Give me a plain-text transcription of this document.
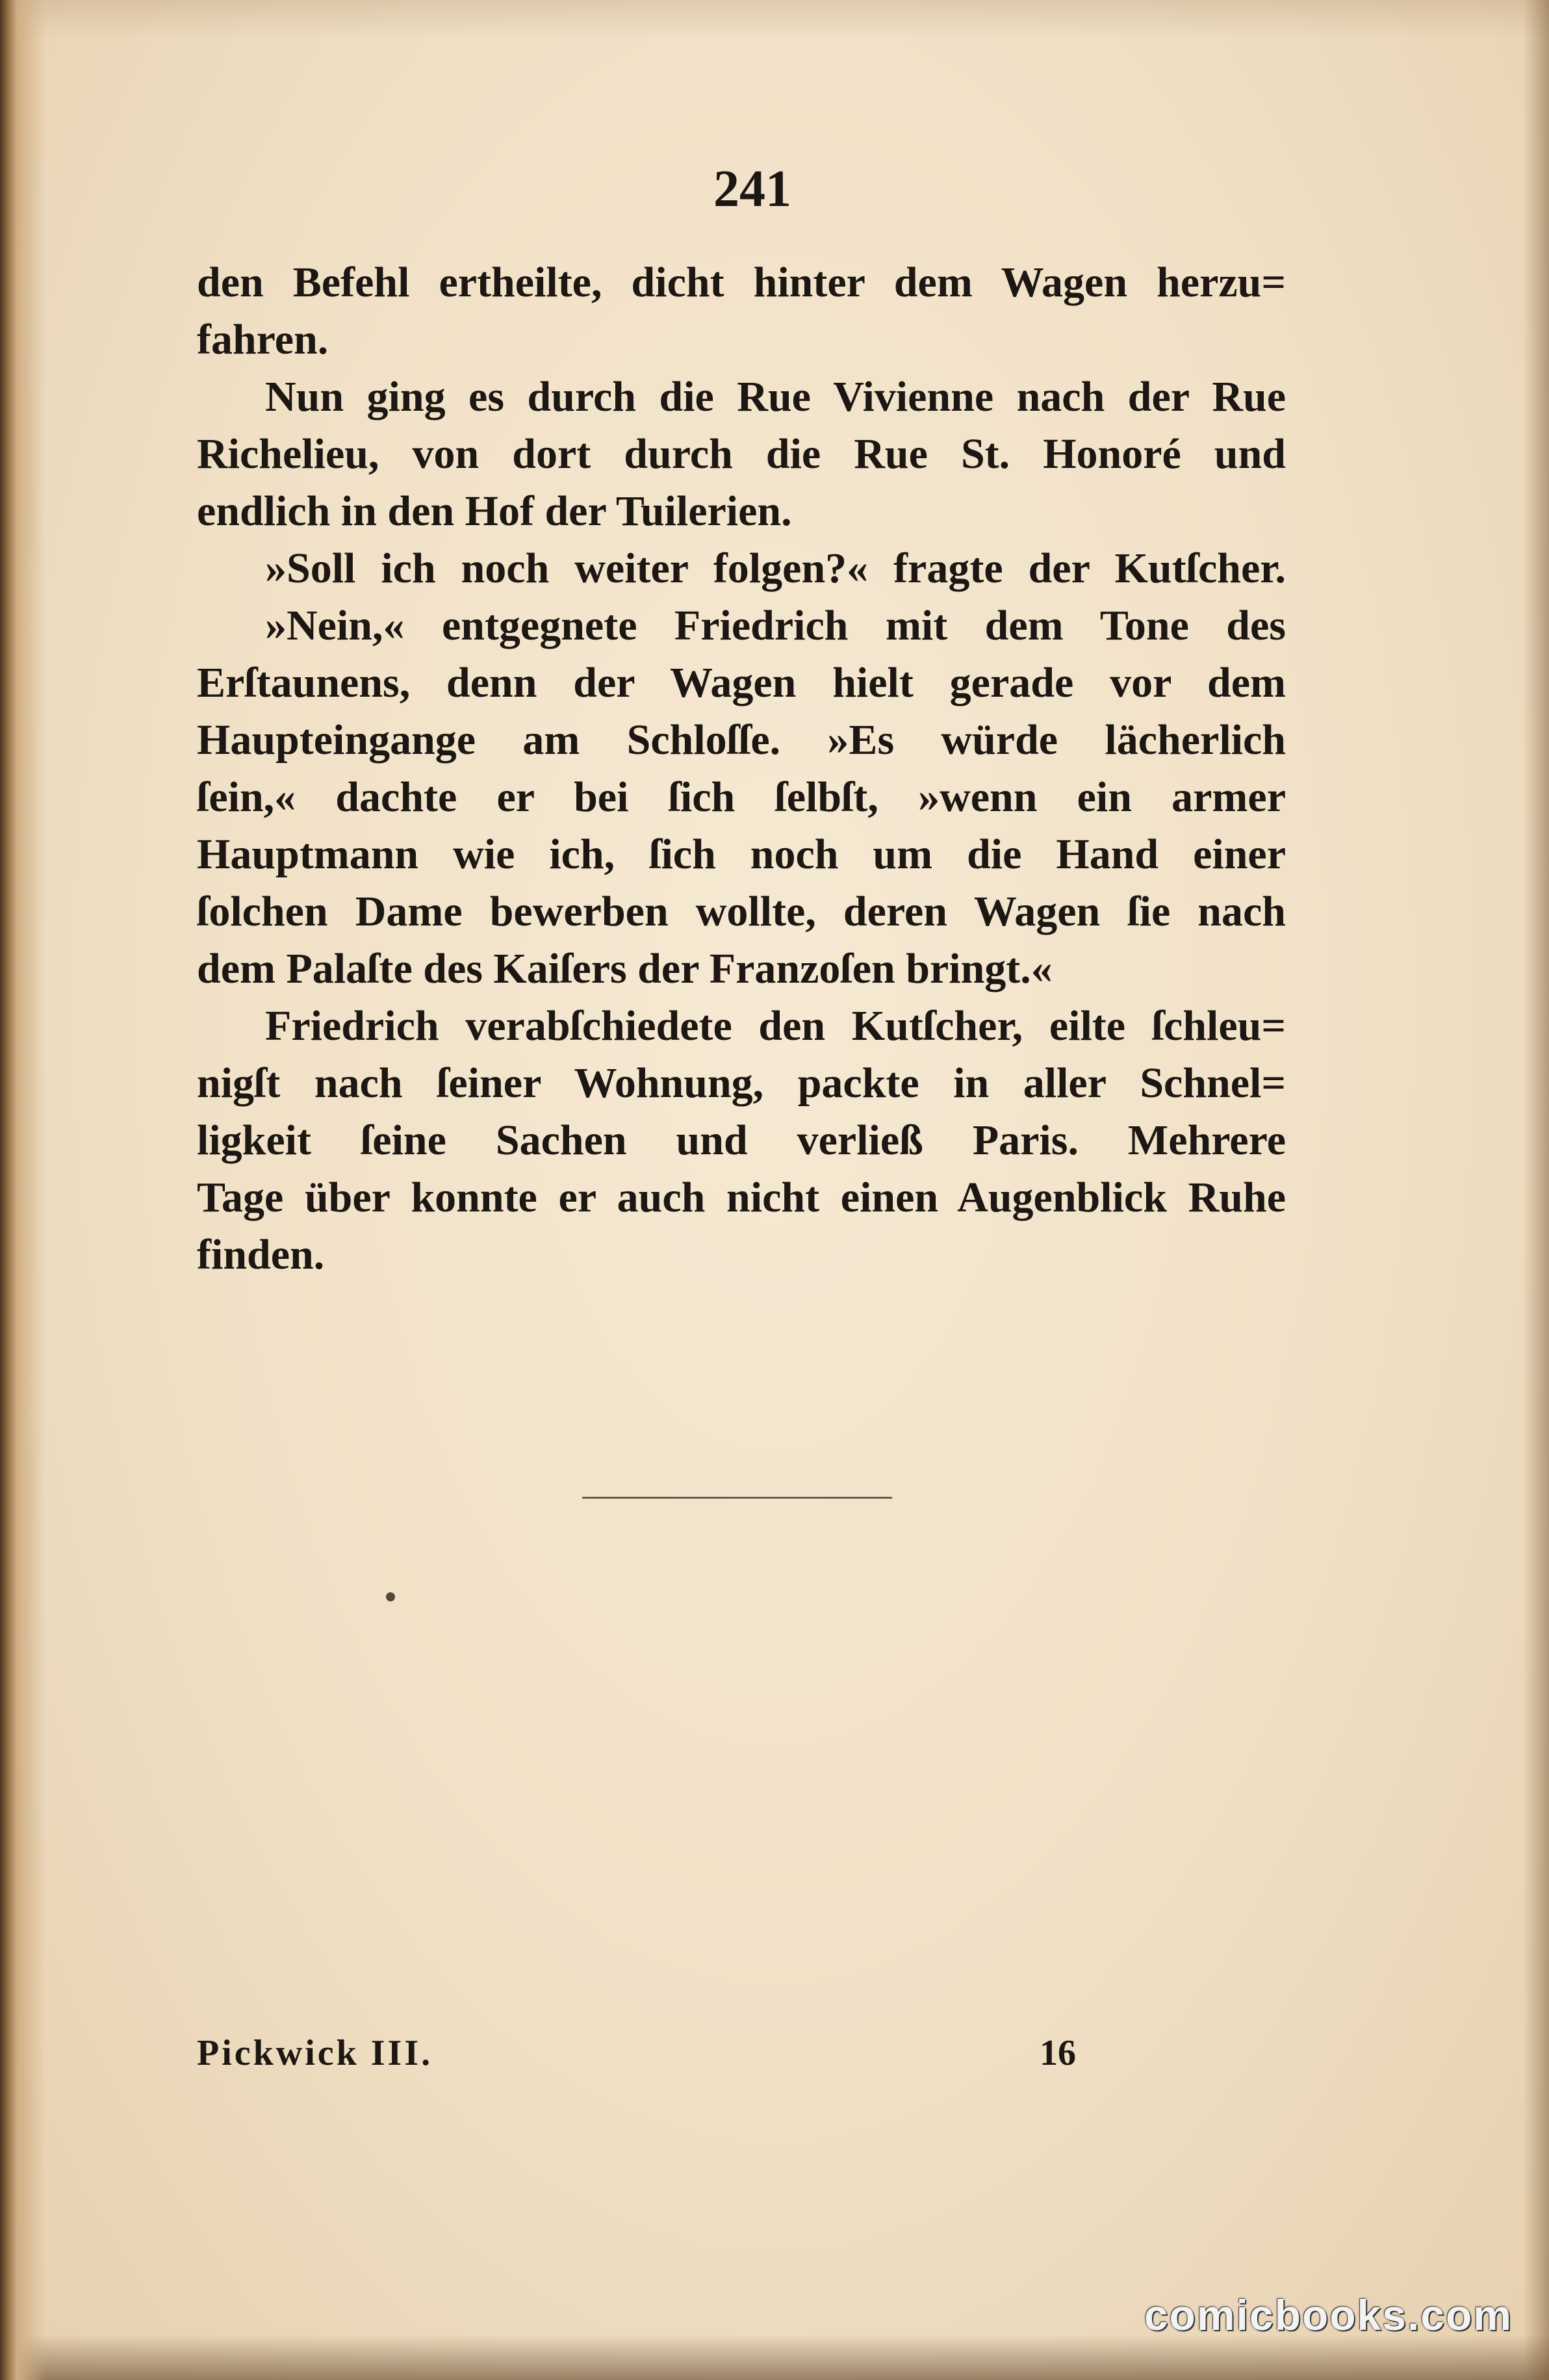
241
den Befehl ertheilte, dicht hinter dem Wagen herzu=
fahren.
Nun ging es durch die Rue Vivienne nach der Rue
Richelieu, von dort durch die Rue St. Honoré und
endlich in den Hof der Tuilerien.
»Soll ich noch weiter folgen?« fragte der Kutſcher.
»Nein,« entgegnete Friedrich mit dem Tone des
Erſtaunens, denn der Wagen hielt gerade vor dem
Haupteingange am Schloſſe. »Es würde lächerlich
ſein,« dachte er bei ſich ſelbſt, »wenn ein armer
Hauptmann wie ich, ſich noch um die Hand einer
ſolchen Dame bewerben wollte, deren Wagen ſie nach
dem Palaſte des Kaiſers der Franzoſen bringt.«
Friedrich verabſchiedete den Kutſcher, eilte ſchleu=
nigſt nach ſeiner Wohnung, packte in aller Schnel=
ligkeit ſeine Sachen und verließ Paris. Mehrere
Tage über konnte er auch nicht einen Augenblick Ruhe
finden.
Pickwick III.	16
comicbooks.com
